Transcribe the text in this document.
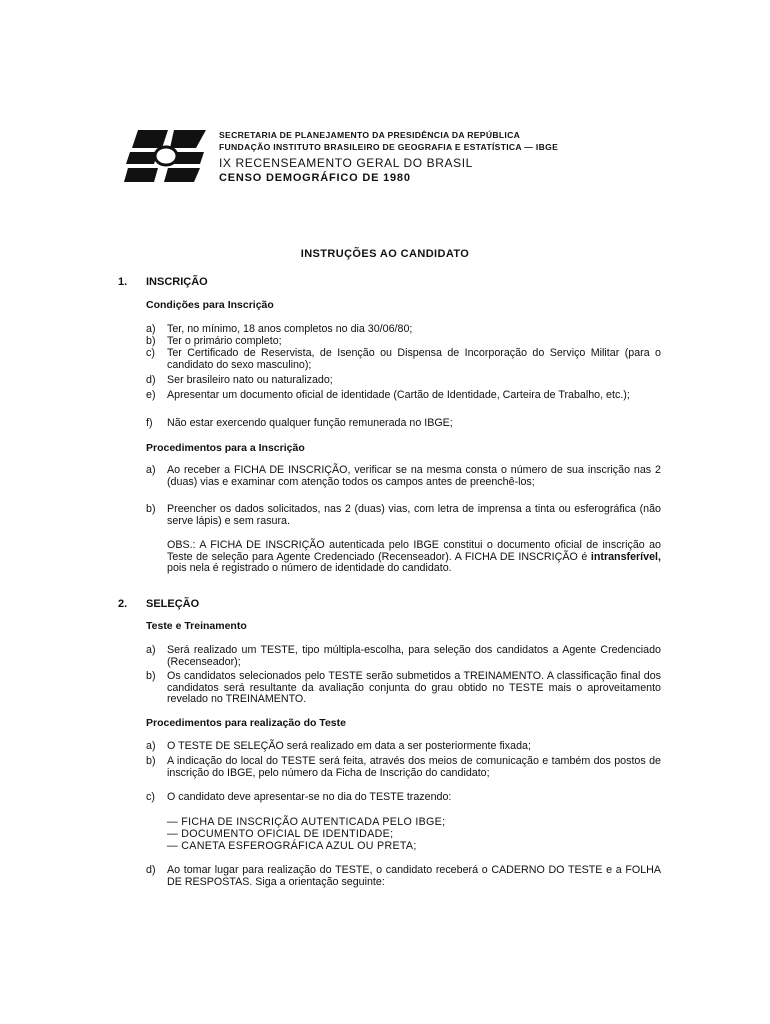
SECRETARIA DE PLANEJAMENTO DA PRESIDÊNCIA DA REPÚBLICA
FUNDAÇÃO INSTITUTO BRASILEIRO DE GEOGRAFIA E ESTATÍSTICA — IBGE
IX RECENSEAMENTO GERAL DO BRASIL
CENSO DEMOGRÁFICO DE 1980
INSTRUÇÕES AO CANDIDATO
1. INSCRIÇÃO
Condições para Inscrição
a) Ter, no mínimo, 18 anos completos no dia 30/06/80;
b) Ter o primário completo;
c) Ter Certificado de Reservista, de Isenção ou Dispensa de Incorporação do Serviço Militar (para o candidato do sexo masculino);
d) Ser brasileiro nato ou naturalizado;
e) Apresentar um documento oficial de identidade (Cartão de Identidade, Carteira de Trabalho, etc.);
f) Não estar exercendo qualquer função remunerada no IBGE;
Procedimentos para a Inscrição
a) Ao receber a FICHA DE INSCRIÇÃO, verificar se na mesma consta o número de sua inscrição nas 2 (duas) vias e examinar com atenção todos os campos antes de preenchê-los;
b) Preencher os dados solicitados, nas 2 (duas) vias, com letra de imprensa a tinta ou esferográfica (não serve lápis) e sem rasura.
OBS.: A FICHA DE INSCRIÇÃO autenticada pelo IBGE constitui o documento oficial de inscrição ao Teste de seleção para Agente Credenciado (Recenseador). A FICHA DE INSCRIÇÃO é intransferível, pois nela é registrado o número de identidade do candidato.
2. SELEÇÃO
Teste e Treinamento
a) Será realizado um TESTE, tipo múltipla-escolha, para seleção dos candidatos a Agente Credenciado (Recenseador);
b) Os candidatos selecionados pelo TESTE serão submetidos a TREINAMENTO. A classificação final dos candidatos será resultante da avaliação conjunta do grau obtido no TESTE mais o aproveitamento revelado no TREINAMENTO.
Procedimentos para realização do Teste
a) O TESTE DE SELEÇÃO será realizado em data a ser posteriormente fixada;
b) A indicação do local do TESTE será feita, através dos meios de comunicação e também dos postos de inscrição do IBGE, pelo número da Ficha de Inscrição do candidato;
c) O candidato deve apresentar-se no dia do TESTE trazendo:
— FICHA DE INSCRIÇÃO AUTENTICADA PELO IBGE;
— DOCUMENTO OFICIAL DE IDENTIDADE;
— CANETA ESFEROGRÁFICA AZUL OU PRETA;
d) Ao tomar lugar para realização do TESTE, o candidato receberá o CADERNO DO TESTE e a FOLHA DE RESPOSTAS. Siga a orientação seguinte:
